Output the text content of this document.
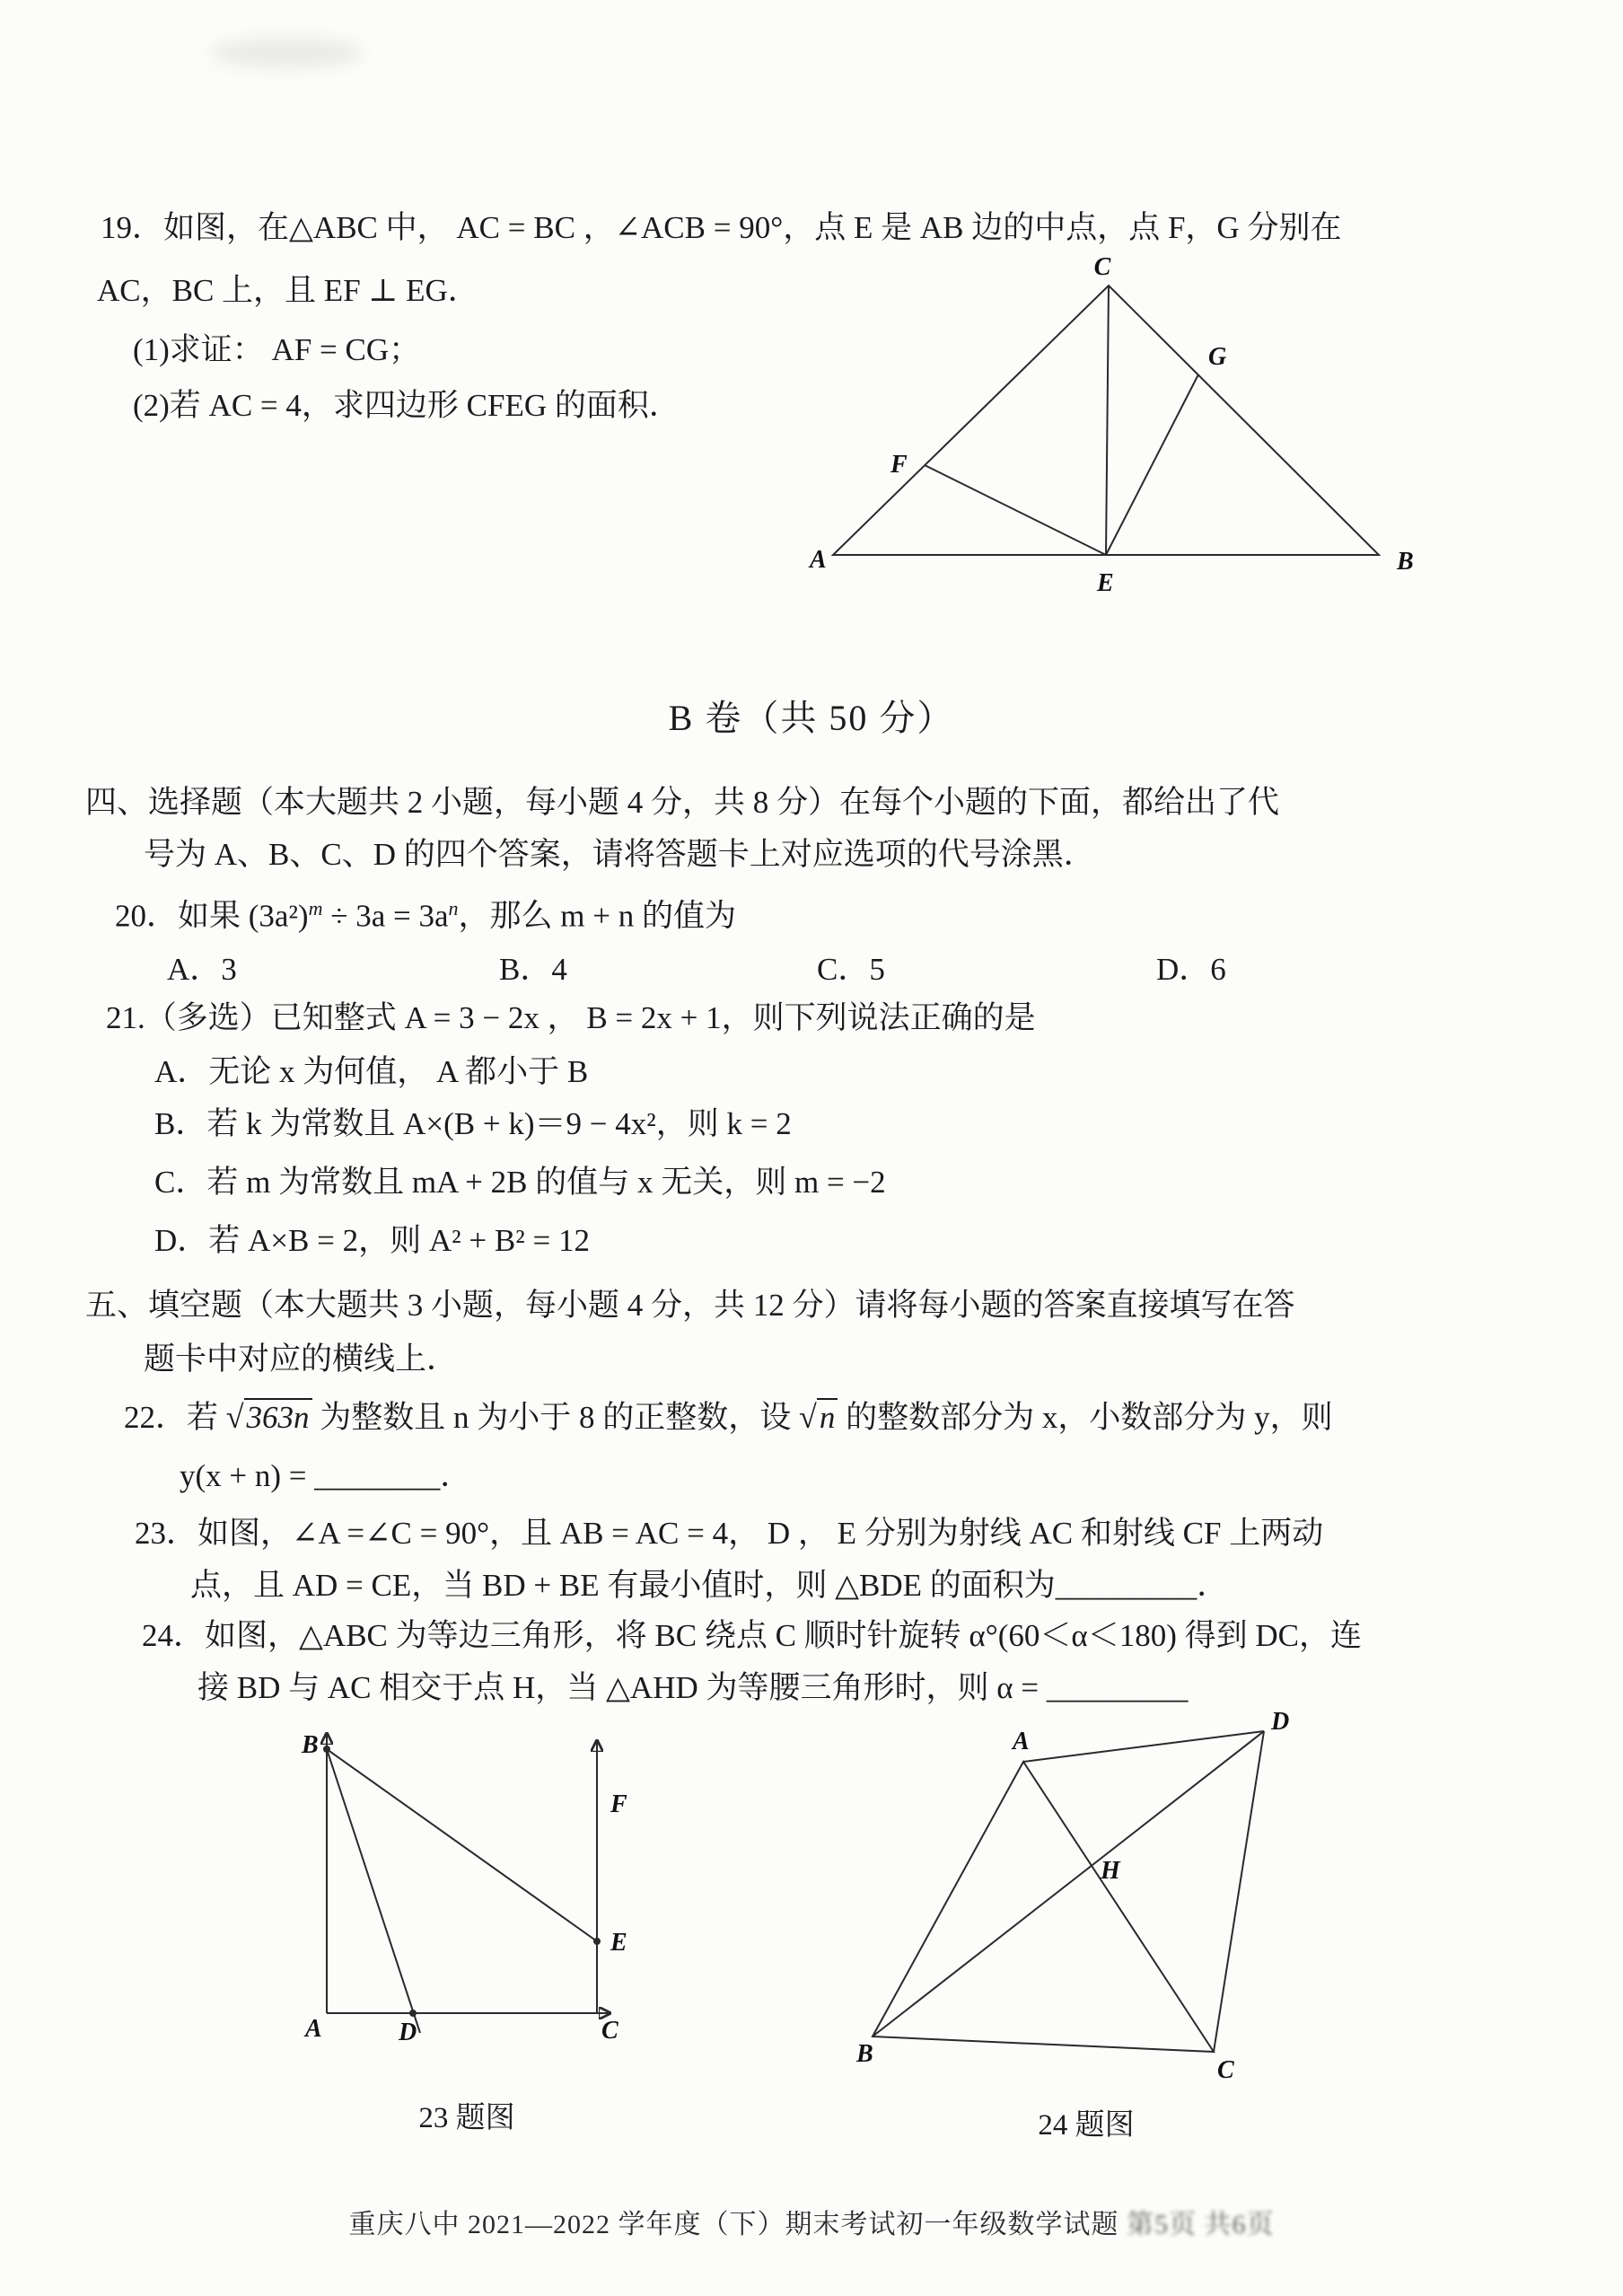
19．如图，在△ABC 中， AC = BC ，∠ACB = 90°，点 E 是 AB 边的中点，点 F，G 分别在
AC，BC 上，且 EF ⊥ EG．
(1)求证： AF = CG；
(2)若 AC = 4，求四边形 CFEG 的面积．
C
A	B
E
F
G
B 卷（共 50 分）
四、选择题（本大题共 2 小题，每小题 4 分，共 8 分）在每个小题的下面，都给出了代
号为 A、B、C、D 的四个答案，请将答题卡上对应选项的代号涂黑．
20．如果 $(3a^2)^m \div 3a = 3a^n$，那么 m + n 的值为
A．3	B．4	C．5	D．6
21.（多选）已知整式 A = 3 − 2x ， B = 2x + 1，则下列说法正确的是
A．无论 x 为何值， A 都小于 B
B．若 k 为常数且 A×(B + k)＝9 − 4x²，则 k = 2
C．若 m 为常数且 mA + 2B 的值与 x 无关，则 m = −2
D．若 A×B = 2，则 A² + B² = 12
五、填空题（本大题共 3 小题，每小题 4 分，共 12 分）请将每小题的答案直接填写在答
题卡中对应的横线上．
22．若 √363n 为整数且 n 为小于 8 的正整数，设 √n 的整数部分为 x，小数部分为 y，则
y(x + n) = ________．
23．如图，∠A =∠C = 90°，且 AB = AC = 4， D ， E 分别为射线 AC 和射线 CF 上两动
点，且 AD = CE，当 BD + BE 有最小值时，则 △BDE 的面积为_________．
24．如图，△ABC 为等边三角形，将 BC 绕点 C 顺时针旋转 α°(60＜α＜180) 得到 DC，连
接 BD 与 AC 相交于点 H，当 △AHD 为等腰三角形时，则 α = _________
B
A	D	C
E
F
23 题图
A
D
B
C
H
24 题图
重庆八中 2021—2022 学年度（下）期末考试初一年级数学试题 第5页 共6页
